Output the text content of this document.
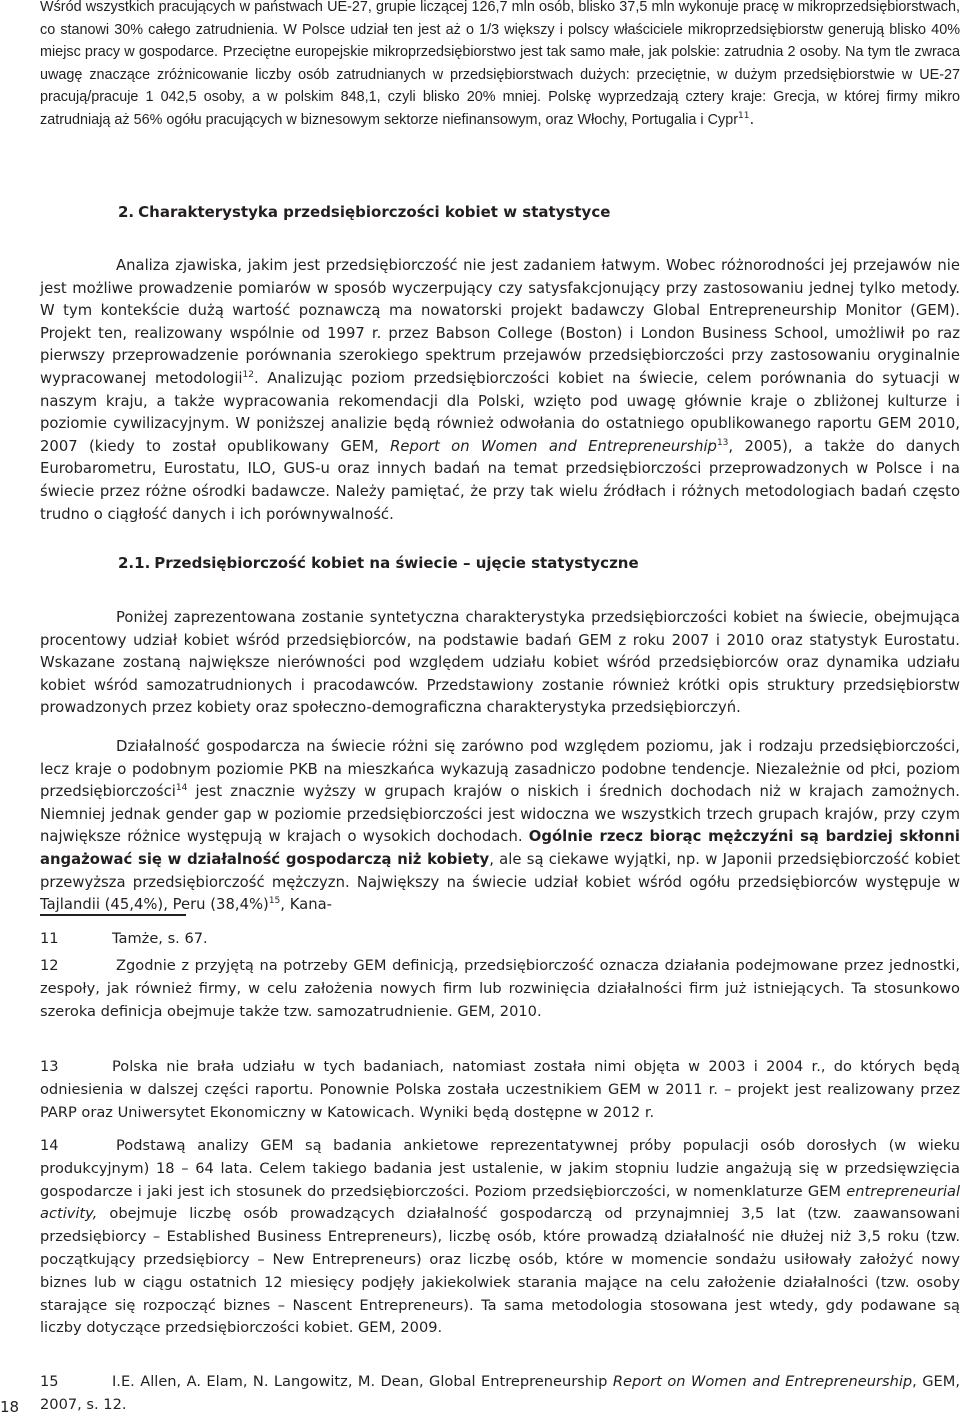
Wśród wszystkich pracujących w państwach UE-27, grupie liczącej 126,7 mln osób, blisko 37,5 mln wykonuje pracę w mikroprzedsiębiorstwach, co stanowi 30% całego zatrudnienia. W Polsce udział ten jest aż o 1/3 większy i polscy właściciele mikroprzedsiębiorstw generują blisko 40% miejsc pracy w gospodarce. Przeciętne europejskie mikroprzedsiębiorstwo jest tak samo małe, jak polskie: zatrudnia 2 osoby. Na tym tle zwraca uwagę znaczące zróżnicowanie liczby osób zatrudnianych w przedsiębiorstwach dużych: przeciętnie, w dużym przedsiębiorstwie w UE-27 pracują/pracuje 1 042,5 osoby, a w polskim 848,1, czyli blisko 20% mniej. Polskę wyprzedzają cztery kraje: Grecja, w której firmy mikro zatrudniają aż 56% ogółu pracujących w biznesowym sektorze niefinansowym, oraz Włochy, Portugalia i Cypr$^{11}$.

2. Charakterystyka przedsiębiorczości kobiet w statystyce

Analiza zjawiska, jakim jest przedsiębiorczość nie jest zadaniem łatwym. Wobec różnorodności jej przejawów nie jest możliwe prowadzenie pomiarów w sposób wyczerpujący czy satysfakcjonujący przy zastosowaniu jednej tylko metody. W tym kontekście dużą wartość poznawczą ma nowatorski projekt badawczy Global Entrepreneurship Monitor (GEM). Projekt ten, realizowany wspólnie od 1997 r. przez Babson College (Boston) i London Business School, umożliwił po raz pierwszy przeprowadzenie porównania szerokiego spektrum przejawów przedsiębiorczości przy zastosowaniu oryginalnie wypracowanej metodologii$^{12}$. Analizując poziom przedsiębiorczości kobiet na świecie, celem porównania do sytuacji w naszym kraju, a także wypracowania rekomendacji dla Polski, wzięto pod uwagę głównie kraje o zbliżonej kulturze i poziomie cywilizacyjnym. W poniższej analizie będą również odwołania do ostatniego opublikowanego raportu GEM 2010, 2007 (kiedy to został opublikowany GEM, Report on Women and Entrepreneurship$^{13}$, 2005), a także do danych Eurobarometru, Eurostatu, ILO, GUS-u oraz innych badań na temat przedsiębiorczości przeprowadzonych w Polsce i na świecie przez różne ośrodki badawcze. Należy pamiętać, że przy tak wielu źródłach i różnych metodologiach badań często trudno o ciągłość danych i ich porównywalność.

2.1. Przedsiębiorczość kobiet na świecie – ujęcie statystyczne

Poniżej zaprezentowana zostanie syntetyczna charakterystyka przedsiębiorczości kobiet na świecie, obejmująca procentowy udział kobiet wśród przedsiębiorców, na podstawie badań GEM z roku 2007 i 2010 oraz statystyk Eurostatu. Wskazane zostaną największe nierówności pod względem udziału kobiet wśród przedsiębiorców oraz dynamika udziału kobiet wśród samozatrudnionych i pracodawców. Przedstawiony zostanie również krótki opis struktury przedsiębiorstw prowadzonych przez kobiety oraz społeczno-demograficzna charakterystyka przedsiębiorczyń.

Działalność gospodarcza na świecie różni się zarówno pod względem poziomu, jak i rodzaju przedsiębiorczości, lecz kraje o podobnym poziomie PKB na mieszkańca wykazują zasadniczo podobne tendencje. Niezależnie od płci, poziom przedsiębiorczości$^{14}$ jest znacznie wyższy w grupach krajów o niskich i średnich dochodach niż w krajach zamożnych. Niemniej jednak gender gap w poziomie przedsiębiorczości jest widoczna we wszystkich trzech grupach krajów, przy czym największe różnice występują w krajach o wysokich dochodach. Ogólnie rzecz biorąc mężczyźni są bardziej skłonni angażować się w działalność gospodarczą niż kobiety, ale są ciekawe wyjątki, np. w Japonii przedsiębiorczość kobiet przewyższa przedsiębiorczość mężczyzn. Największy na świecie udział kobiet wśród ogółu przedsiębiorców występuje w Tajlandii (45,4%), Peru $(38,4\%)^{15}$, Kana-

11	Tamże, s. 67.

12	Zgodnie z przyjętą na potrzeby GEM definicją, przedsiębiorczość oznacza działania podejmowane przez jednostki, zespoły, jak również firmy, w celu założenia nowych firm lub rozwinięcia działalności firm już istniejących. Ta stosunkowo szeroka definicja obejmuje także tzw. samozatrudnienie. GEM, 2010.

13	Polska nie brała udziału w tych badaniach, natomiast została nimi objęta w 2003 i 2004 r., do których będą odniesienia w dalszej części raportu. Ponownie Polska została uczestnikiem GEM w 2011 r. – projekt jest realizowany przez PARP oraz Uniwersytet Ekonomiczny w Katowicach. Wyniki będą dostępne w 2012 r.

14	Podstawą analizy GEM są badania ankietowe reprezentatywnej próby populacji osób dorosłych (w wieku produkcyjnym) 18 – 64 lata. Celem takiego badania jest ustalenie, w jakim stopniu ludzie angażują się w przedsięwzięcia gospodarcze i jaki jest ich stosunek do przedsiębiorczości. Poziom przedsiębiorczości, w nomenklaturze GEM entrepreneurial activity, obejmuje liczbę osób prowadzących działalność gospodarczą od przynajmniej 3,5 lat (tzw. zaawansowani przedsiębiorcy – Established Business Entrepreneurs), liczbę osób, które prowadzą działalność nie dłużej niż 3,5 roku (tzw. początkujący przedsiębiorcy – New Entrepreneurs) oraz liczbę osób, które w momencie sondażu usiłowały założyć nowy biznes lub w ciągu ostatnich 12 miesięcy podjęły jakiekolwiek starania mające na celu założenie działalności (tzw. osoby starające się rozpocząć biznes – Nascent Entrepreneurs). Ta sama metodologia stosowana jest wtedy, gdy podawane są liczby dotyczące przedsiębiorczości kobiet. GEM, 2009.

15	I.E. Allen, A. Elam, N. Langowitz, M. Dean, Global Entrepreneurship Report on Women and Entrepreneurship, GEM, 2007, s. 12.

18
